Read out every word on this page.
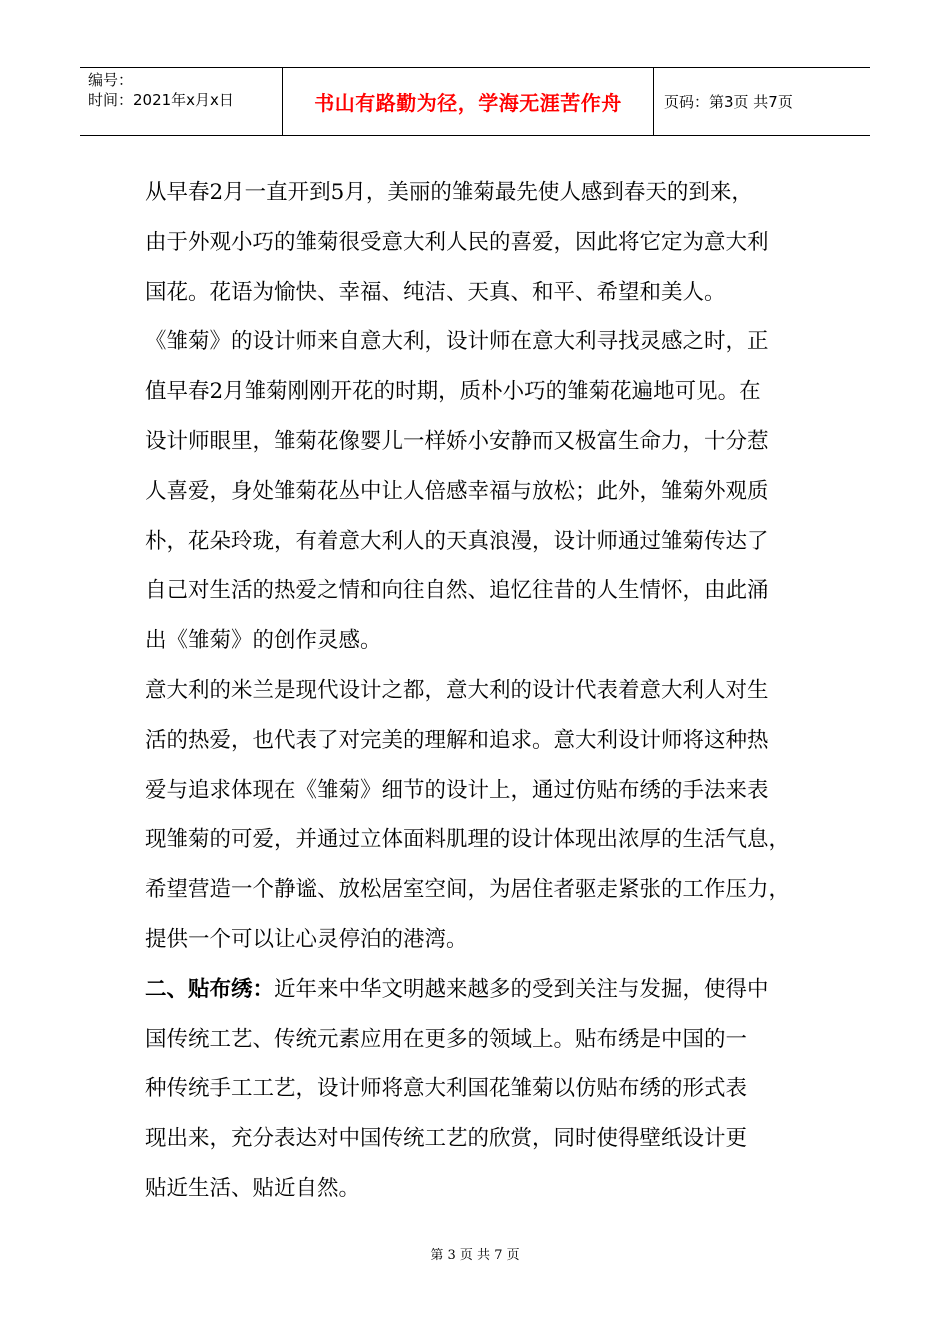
编号：
时间：2021年x月x日	书山有路勤为径，学海无涯苦作舟	页码：第3页 共7页
从早春2月一直开到5月，美丽的雏菊最先使人感到春天的到来，
由于外观小巧的雏菊很受意大利人民的喜爱，因此将它定为意大利
国花。花语为愉快、幸福、纯洁、天真、和平、希望和美人。
《雏菊》的设计师来自意大利，设计师在意大利寻找灵感之时，正
值早春2月雏菊刚刚开花的时期，质朴小巧的雏菊花遍地可见。在
设计师眼里，雏菊花像婴儿一样娇小安静而又极富生命力，十分惹
人喜爱，身处雏菊花丛中让人倍感幸福与放松；此外，雏菊外观质
朴，花朵玲珑，有着意大利人的天真浪漫，设计师通过雏菊传达了
自己对生活的热爱之情和向往自然、追忆往昔的人生情怀，由此涌
出《雏菊》的创作灵感。
意大利的米兰是现代设计之都，意大利的设计代表着意大利人对生
活的热爱，也代表了对完美的理解和追求。意大利设计师将这种热
爱与追求体现在《雏菊》细节的设计上，通过仿贴布绣的手法来表
现雏菊的可爱，并通过立体面料肌理的设计体现出浓厚的生活气息，
希望营造一个静谧、放松居室空间，为居住者驱走紧张的工作压力，
提供一个可以让心灵停泊的港湾。
二、贴布绣：近年来中华文明越来越多的受到关注与发掘，使得中
国传统工艺、传统元素应用在更多的领域上。贴布绣是中国的一
种传统手工工艺，设计师将意大利国花雏菊以仿贴布绣的形式表
现出来，充分表达对中国传统工艺的欣赏，同时使得壁纸设计更
贴近生活、贴近自然。
第 3 页 共 7 页
